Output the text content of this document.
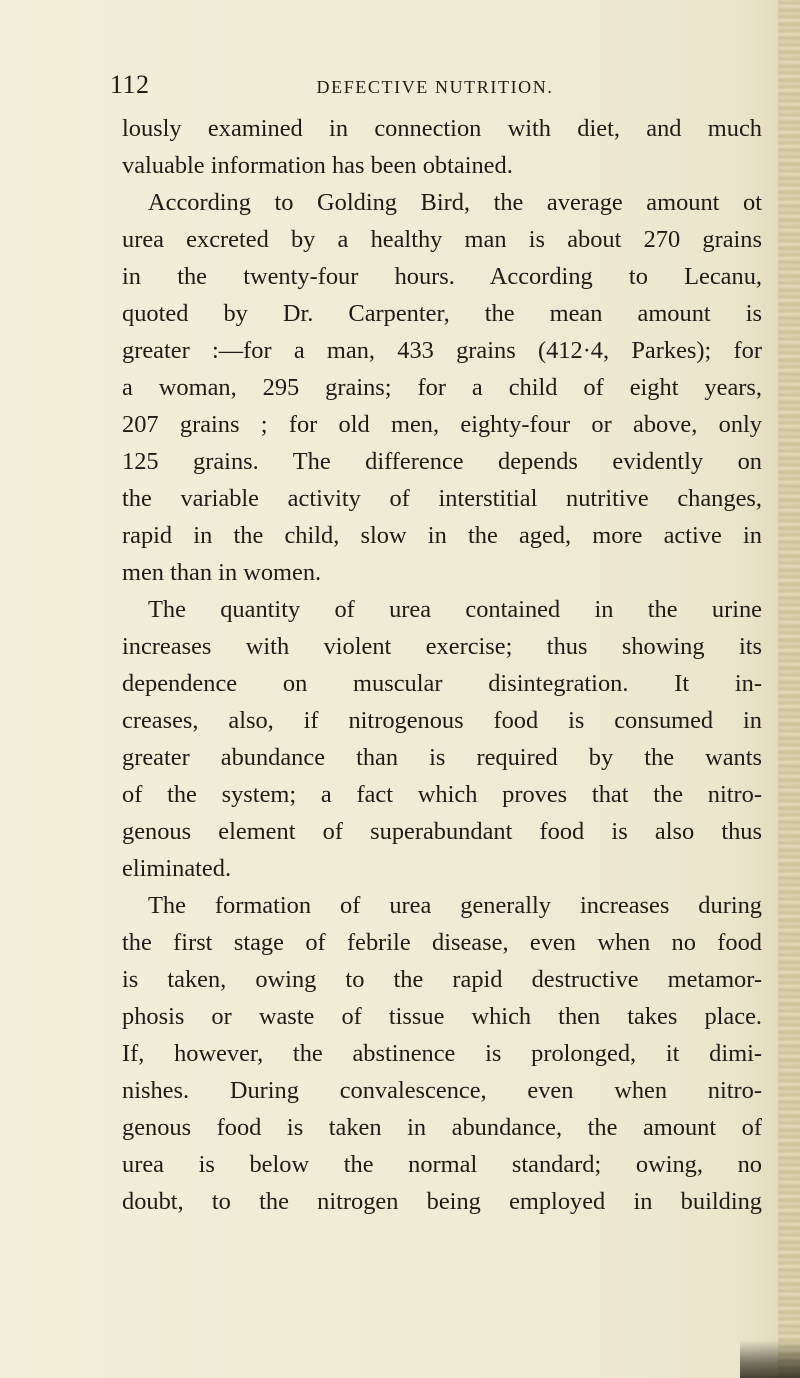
112	DEFECTIVE NUTRITION.
lously examined in connection with diet, and much
valuable information has been obtained.
According to Golding Bird, the average amount ot
urea excreted by a healthy man is about 270 grains
in the twenty-four hours. According to Lecanu,
quoted by Dr. Carpenter, the mean amount is
greater :—for a man, 433 grains (412·4, Parkes); for
a woman, 295 grains; for a child of eight years,
207 grains ; for old men, eighty-four or above, only
125 grains. The difference depends evidently on
the variable activity of interstitial nutritive changes,
rapid in the child, slow in the aged, more active in
men than in women.
The quantity of urea contained in the urine
increases with violent exercise; thus showing its
dependence on muscular disintegration. It in-
creases, also, if nitrogenous food is consumed in
greater abundance than is required by the wants
of the system; a fact which proves that the nitro-
genous element of superabundant food is also thus
eliminated.
The formation of urea generally increases during
the first stage of febrile disease, even when no food
is taken, owing to the rapid destructive metamor-
phosis or waste of tissue which then takes place.
If, however, the abstinence is prolonged, it dimi-
nishes. During convalescence, even when nitro-
genous food is taken in abundance, the amount of
urea is below the normal standard; owing, no
doubt, to the nitrogen being employed in building
